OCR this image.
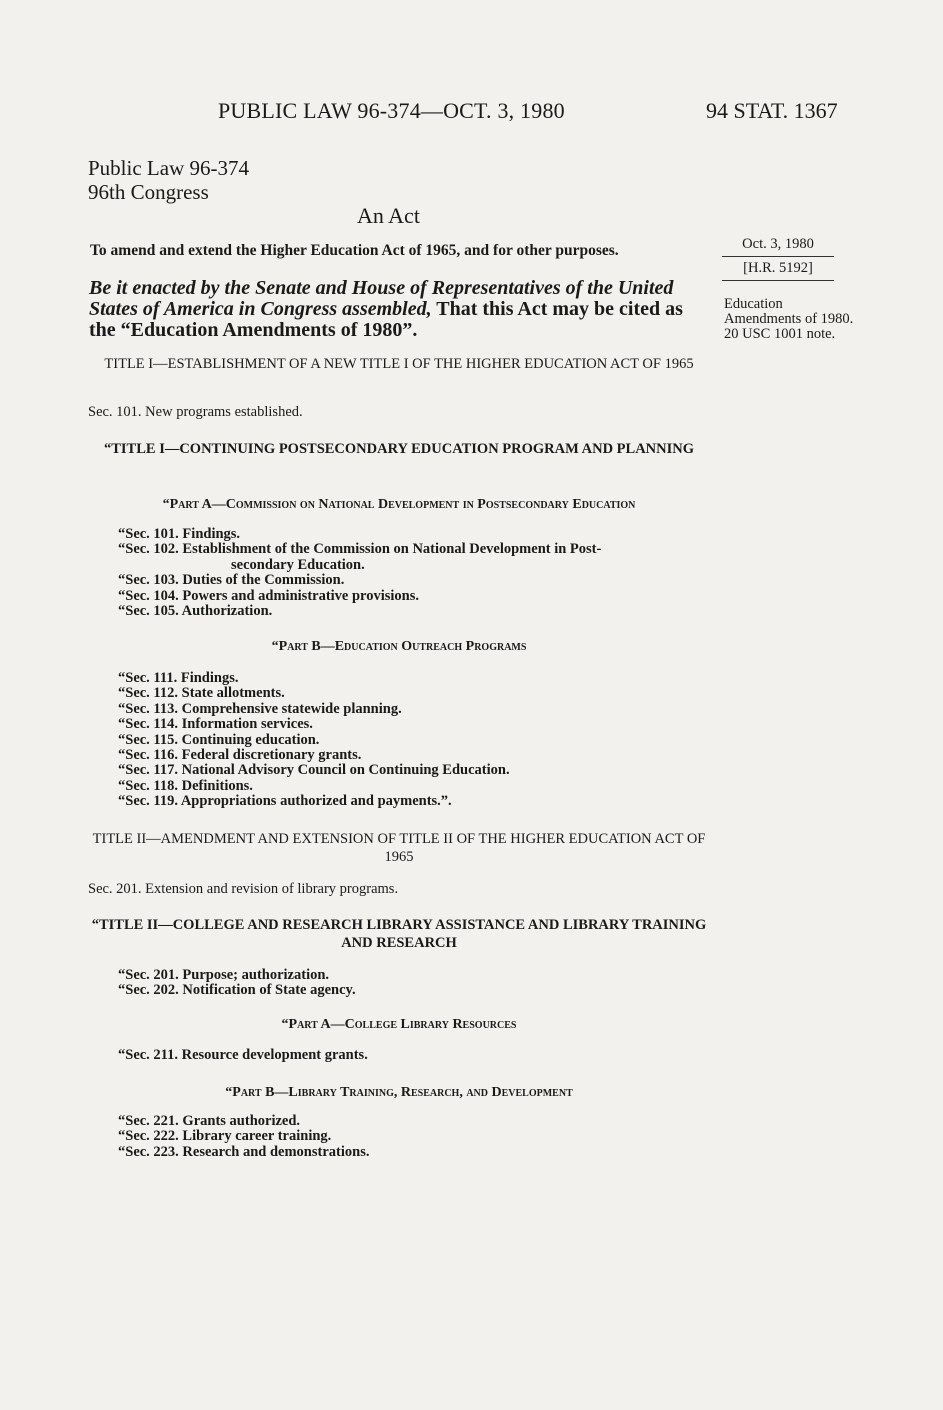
PUBLIC LAW 96-374—OCT. 3, 1980	94 STAT. 1367
Public Law 96-374
96th Congress
An Act
To amend and extend the Higher Education Act of 1965, and for other purposes.	Oct. 3, 1980
[H.R. 5192]
Education Amendments of 1980.
20 USC 1001 note.
Be it enacted by the Senate and House of Representatives of the United States of America in Congress assembled, That this Act may be cited as the “Education Amendments of 1980”.
TITLE I—ESTABLISHMENT OF A NEW TITLE I OF THE HIGHER EDUCATION ACT OF 1965
Sec. 101. New programs established.
“TITLE I—CONTINUING POSTSECONDARY EDUCATION PROGRAM AND PLANNING
“Part A—Commission on National Development in Postsecondary Education
“Sec. 101. Findings.
“Sec. 102. Establishment of the Commission on National Development in Post-
secondary Education.
“Sec. 103. Duties of the Commission.
“Sec. 104. Powers and administrative provisions.
“Sec. 105. Authorization.
“Part B—Education Outreach Programs
“Sec. 111. Findings.
“Sec. 112. State allotments.
“Sec. 113. Comprehensive statewide planning.
“Sec. 114. Information services.
“Sec. 115. Continuing education.
“Sec. 116. Federal discretionary grants.
“Sec. 117. National Advisory Council on Continuing Education.
“Sec. 118. Definitions.
“Sec. 119. Appropriations authorized and payments.”.
TITLE II—AMENDMENT AND EXTENSION OF TITLE II OF THE HIGHER EDUCATION ACT OF 1965
Sec. 201. Extension and revision of library programs.
“TITLE II—COLLEGE AND RESEARCH LIBRARY ASSISTANCE AND LIBRARY TRAINING AND RESEARCH
“Sec. 201. Purpose; authorization.
“Sec. 202. Notification of State agency.
“Part A—College Library Resources
“Sec. 211. Resource development grants.
“Part B—Library Training, Research, and Development
“Sec. 221. Grants authorized.
“Sec. 222. Library career training.
“Sec. 223. Research and demonstrations.
